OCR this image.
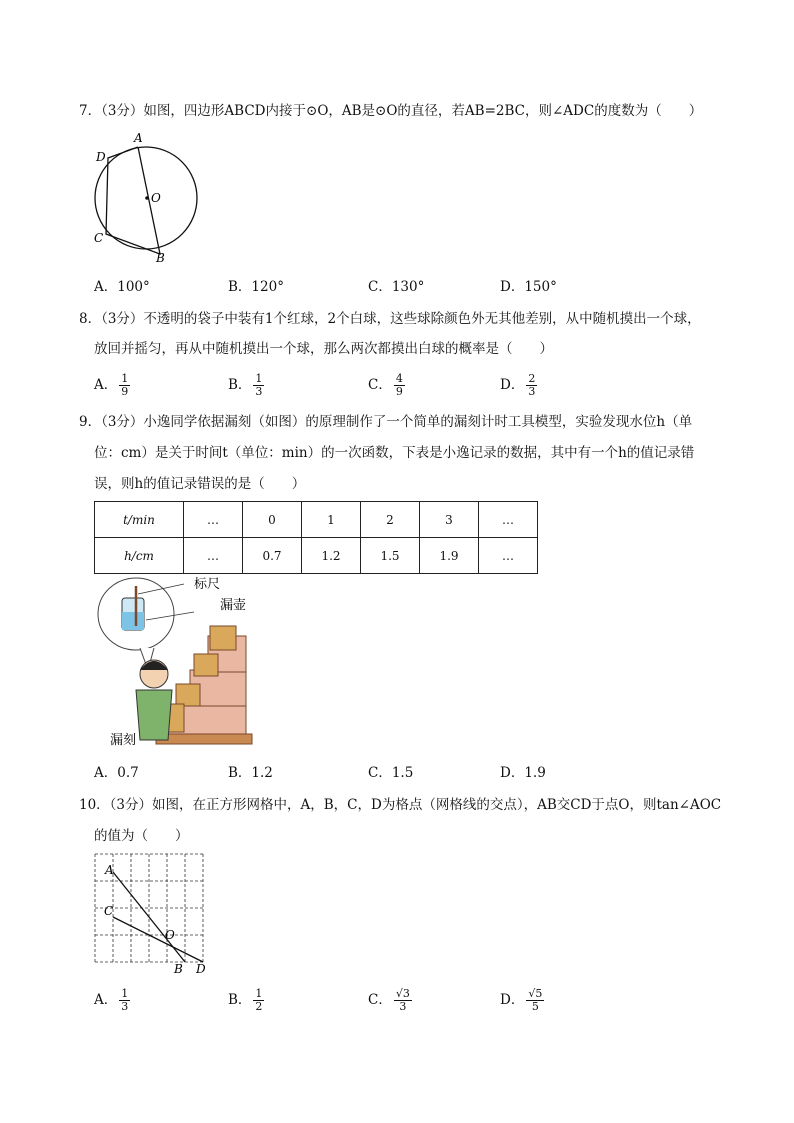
7．（3分）如图，四边形ABCD内接于⊙O，AB是⊙O的直径，若AB=2BC，则∠ADC的度数为（　　）
A
D
O
C
B
A．100°	B．120°	C．130°	D．150°
8．（3分）不透明的袋子中装有1个红球，2个白球，这些球除颜色外无其他差别，从中随机摸出一个球，
放回并摇匀，再从中随机摸出一个球，那么两次都摸出白球的概率是（　　）
A． $\frac{1}{9}$	B． $\frac{1}{3}$	C． $\frac{4}{9}$	D． $\frac{2}{3}$
9．（3分）小逸同学依据漏刻（如图）的原理制作了一个简单的漏刻计时工具模型，实验发现水位h（单
位：cm）是关于时间t（单位：min）的一次函数，下表是小逸记录的数据，其中有一个h的值记录错
误，则h的值记录错误的是（　　）
t/min	…	0	1	2	3	…
h/cm	…	0.7	1.2	1.5	1.9	…
标尺
漏壶
漏刻
A．0.7	B．1.2	C．1.5	D．1.9
10．（3分）如图，在正方形网格中，A，B，C，D为格点（网格线的交点），AB交CD于点O，则tan∠AOC
的值为（　　）
A
C
O
B D
A． $\frac{1}{3}$	B． $\frac{1}{2}$	C． $\frac{√3}{3}$	D． $\frac{√5}{5}$
